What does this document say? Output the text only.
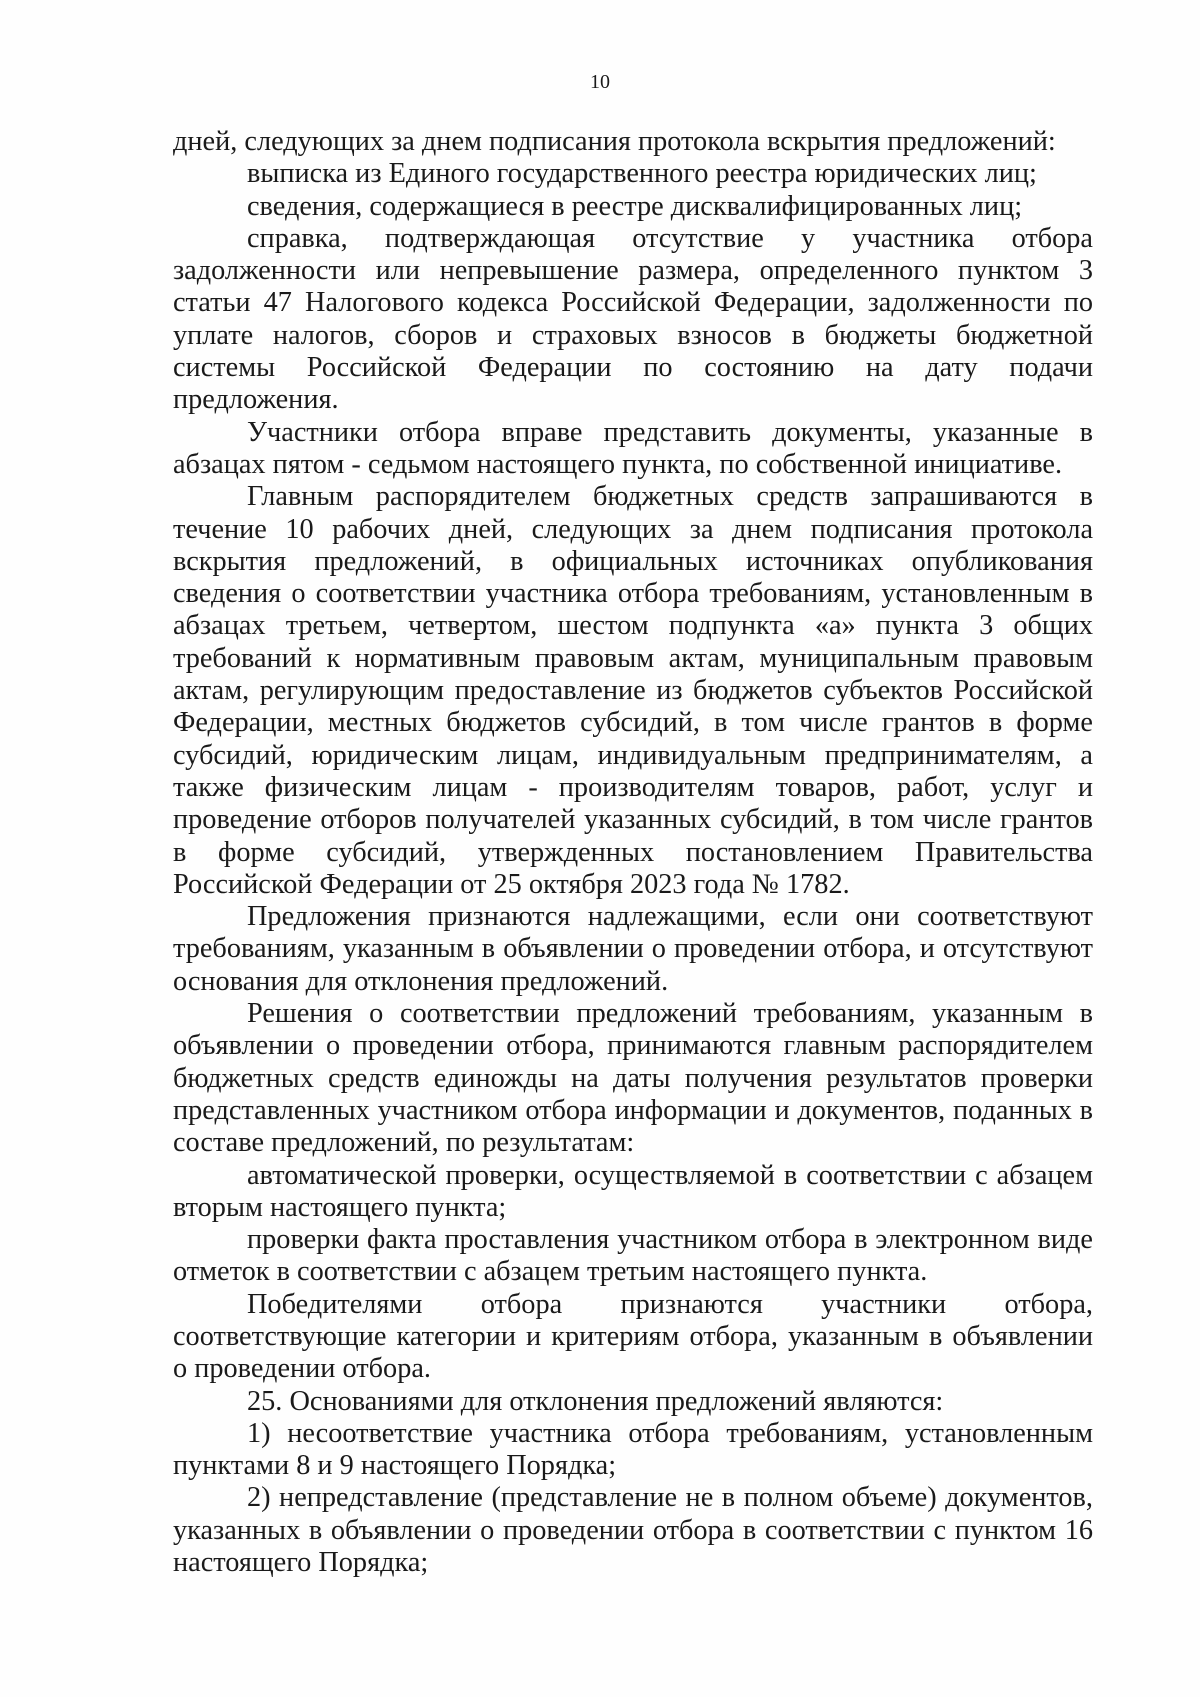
10

дней, следующих за днем подписания протокола вскрытия предложений:

выписка из Единого государственного реестра юридических лиц;

сведения, содержащиеся в реестре дисквалифицированных лиц;

справка, подтверждающая отсутствие у участника отбора задолженности или непревышение размера, определенного пунктом 3 статьи 47 Налогового кодекса Российской Федерации, задолженности по уплате налогов, сборов и страховых взносов в бюджеты бюджетной системы Российской Федерации по состоянию на дату подачи предложения.

Участники отбора вправе представить документы, указанные в абзацах пятом - седьмом настоящего пункта, по собственной инициативе.

Главным распорядителем бюджетных средств запрашиваются в течение 10 рабочих дней, следующих за днем подписания протокола вскрытия предложений, в официальных источниках опубликования сведения о соответствии участника отбора требованиям, установленным в абзацах третьем, четвертом, шестом подпункта «а» пункта 3 общих требований к нормативным правовым актам, муниципальным правовым актам, регулирующим предоставление из бюджетов субъектов Российской Федерации, местных бюджетов субсидий, в том числе грантов в форме субсидий, юридическим лицам, индивидуальным предпринимателям, а также физическим лицам - производителям товаров, работ, услуг и проведение отборов получателей указанных субсидий, в том числе грантов в форме субсидий, утвержденных постановлением Правительства Российской Федерации от 25 октября 2023 года № 1782.

Предложения признаются надлежащими, если они соответствуют требованиям, указанным в объявлении о проведении отбора, и отсутствуют основания для отклонения предложений.

Решения о соответствии предложений требованиям, указанным в объявлении о проведении отбора, принимаются главным распорядителем бюджетных средств единожды на даты получения результатов проверки представленных участником отбора информации и документов, поданных в составе предложений, по результатам:

автоматической проверки, осуществляемой в соответствии с абзацем вторым настоящего пункта;

проверки факта проставления участником отбора в электронном виде отметок в соответствии с абзацем третьим настоящего пункта.

Победителями отбора признаются участники отбора, соответствующие категории и критериям отбора, указанным в объявлении о проведении отбора.

25. Основаниями для отклонения предложений являются:

1) несоответствие участника отбора требованиям, установленным пунктами 8 и 9 настоящего Порядка;

2) непредставление (представление не в полном объеме) документов, указанных в объявлении о проведении отбора в соответствии с пунктом 16 настоящего Порядка;
